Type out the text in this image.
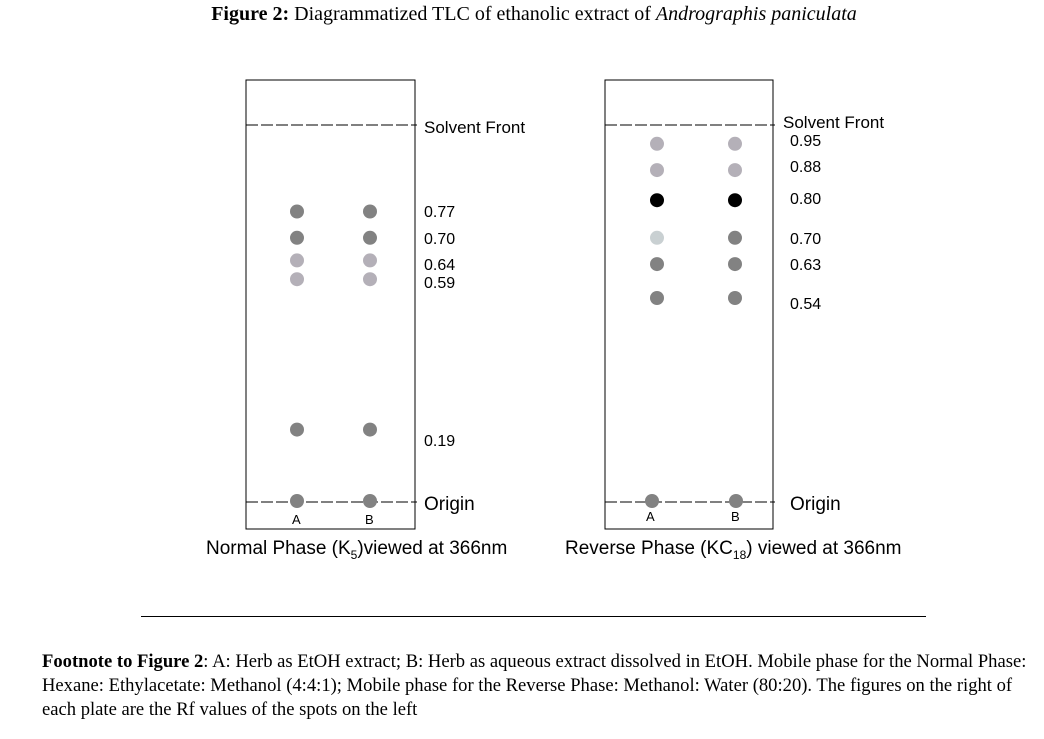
Figure 2: Diagrammatized TLC of ethanolic extract of Andrographis paniculata
Solvent Front
Origin
A	B
0.77
0.70
0.64
0.59
0.19
Normal Phase $(K_5)viewed$ at 366nm
Solvent Front
Origin
A	B
0.95
0.88
0.80
0.70
0.63
0.54
Reverse Phase $(KC_{18})$ viewed at 366nm
Footnote to Figure 2: A: Herb as EtOH extract; B: Herb as aqueous extract dissolved in EtOH. Mobile phase for the Normal Phase: Hexane: Ethylacetate: Methanol (4:4:1); Mobile phase for the Reverse Phase: Methanol: Water (80:20). The figures on the right of each plate are the Rf values of the spots on the left
